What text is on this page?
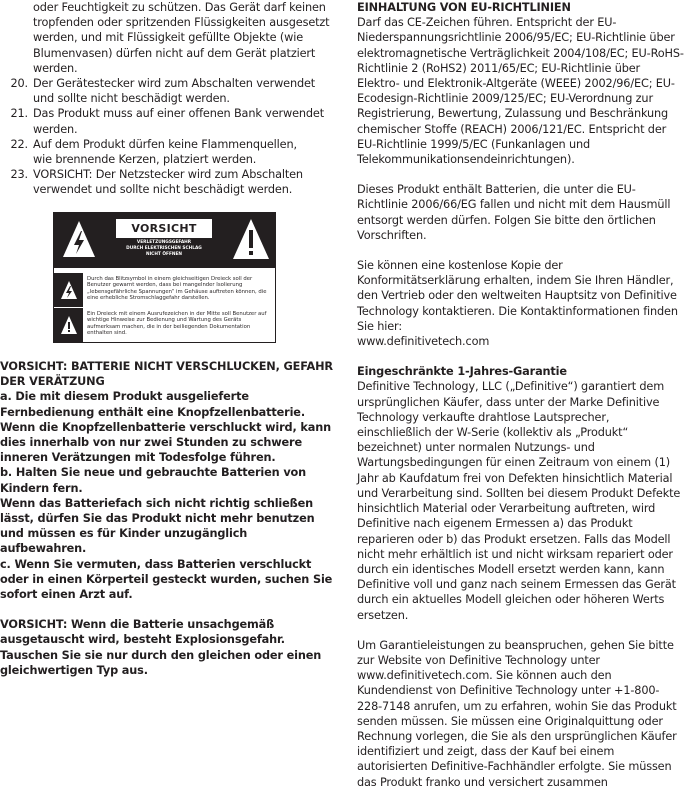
oder Feuchtigkeit zu schützen. Das Gerät darf keinen

tropfenden oder spritzenden Flüssigkeiten ausgesetzt

werden, und mit Flüssigkeit gefüllte Objekte (wie

Blumenvasen) dürfen nicht auf dem Gerät platziert

werden.

20. Der Gerätestecker wird zum Abschalten verwendet

und sollte nicht beschädigt werden.

21. Das Produkt muss auf einer offenen Bank verwendet

werden.

22. Auf dem Produkt dürfen keine Flammenquellen,

wie brennende Kerzen, platziert werden.

23. VORSICHT: Der Netzstecker wird zum Abschalten

verwendet und sollte nicht beschädigt werden.

VORSICHT
VERLETZUNGSGEFAHR
DURCH ELEKTRISCHEN SCHLAG
NICHT ÖFFNEN
Durch das Blitzsymbol in einem gleichseitigen Dreieck soll der Benutzer gewarnt werden, dass bei mangelnder Isolierung „lebensgefährliche Spannungen“ im Gehäuse auftreten können, die eine erhebliche Stromschlaggefahr darstellen.
Ein Dreieck mit einem Ausrufezeichen in der Mitte soll Benutzer auf wichtige Hinweise zur Bedienung und Wartung des Geräts aufmerksam machen, die in der beiliegenden Dokumentation enthalten sind.

VORSICHT: BATTERIE NICHT VERSCHLUCKEN, GEFAHR DER VERÄTZUNG

a. Die mit diesem Produkt ausgelieferte Fernbedienung enthält eine Knopfzellenbatterie. Wenn die Knopfzellenbatterie verschluckt wird, kann dies innerhalb von nur zwei Stunden zu schwere inneren Verätzungen mit Todesfolge führen.

b. Halten Sie neue und gebrauchte Batterien von Kindern fern.

Wenn das Batteriefach sich nicht richtig schließen lässt, dürfen Sie das Produkt nicht mehr benutzen und müssen es für Kinder unzugänglich aufbewahren.

c. Wenn Sie vermuten, dass Batterien verschluckt oder in einen Körperteil gesteckt wurden, suchen Sie sofort einen Arzt auf.

VORSICHT: Wenn die Batterie unsachgemäß ausgetauscht wird, besteht Explosionsgefahr. Tauschen Sie sie nur durch den gleichen oder einen gleichwertigen Typ aus.

EINHALTUNG VON EU-RICHTLINIEN

Darf das CE-Zeichen führen. Entspricht der EU-Niederspannungsrichtlinie 2006/95/EC; EU-Richtlinie über elektromagnetische Verträglichkeit 2004/108/EC; EU-RoHS-Richtlinie 2 (RoHS2) 2011/65/EC; EU-Richtlinie über Elektro- und Elektronik-Altgeräte (WEEE) 2002/96/EC; EU-Ecodesign-Richtlinie 2009/125/EC; EU-Verordnung zur Registrierung, Bewertung, Zulassung und Beschränkung chemischer Stoffe (REACH) 2006/121/EC. Entspricht der EU-Richtlinie 1999/5/EC (Funkanlagen und Telekommunikationsendeinrichtungen).

Dieses Produkt enthält Batterien, die unter die EU-Richtlinie 2006/66/EG fallen und nicht mit dem Hausmüll entsorgt werden dürfen. Folgen Sie bitte den örtlichen Vorschriften.

Sie können eine kostenlose Kopie der Konformitätserklärung erhalten, indem Sie Ihren Händler, den Vertrieb oder den weltweiten Hauptsitz von Definitive Technology kontaktieren. Die Kontaktinformationen finden Sie hier:

www.definitivetech.com

Eingeschränkte 1-Jahres-Garantie

Definitive Technology, LLC („Definitive“) garantiert dem ursprünglichen Käufer, dass unter der Marke Definitive Technology verkaufte drahtlose Lautsprecher, einschließlich der W-Serie (kollektiv als „Produkt“ bezeichnet) unter normalen Nutzungs- und Wartungsbedingungen für einen Zeitraum von einem (1) Jahr ab Kaufdatum frei von Defekten hinsichtlich Material und Verarbeitung sind. Sollten bei diesem Produkt Defekte hinsichtlich Material oder Verarbeitung auftreten, wird Definitive nach eigenem Ermessen a) das Produkt reparieren oder b) das Produkt ersetzen. Falls das Modell nicht mehr erhältlich ist und nicht wirksam repariert oder durch ein identisches Modell ersetzt werden kann, kann Definitive voll und ganz nach seinem Ermessen das Gerät durch ein aktuelles Modell gleichen oder höheren Werts ersetzen.

Um Garantieleistungen zu beanspruchen, gehen Sie bitte zur Website von Definitive Technology unter www.definitivetech.com. Sie können auch den Kundendienst von Definitive Technology unter +1-800-228-7148 anrufen, um zu erfahren, wohin Sie das Produkt senden müssen. Sie müssen eine Originalquittung oder Rechnung vorlegen, die Sie als den ursprünglichen Käufer identifiziert und zeigt, dass der Kauf bei einem autorisierten Definitive-Fachhändler erfolgte. Sie müssen das Produkt franko und versichert zusammen
